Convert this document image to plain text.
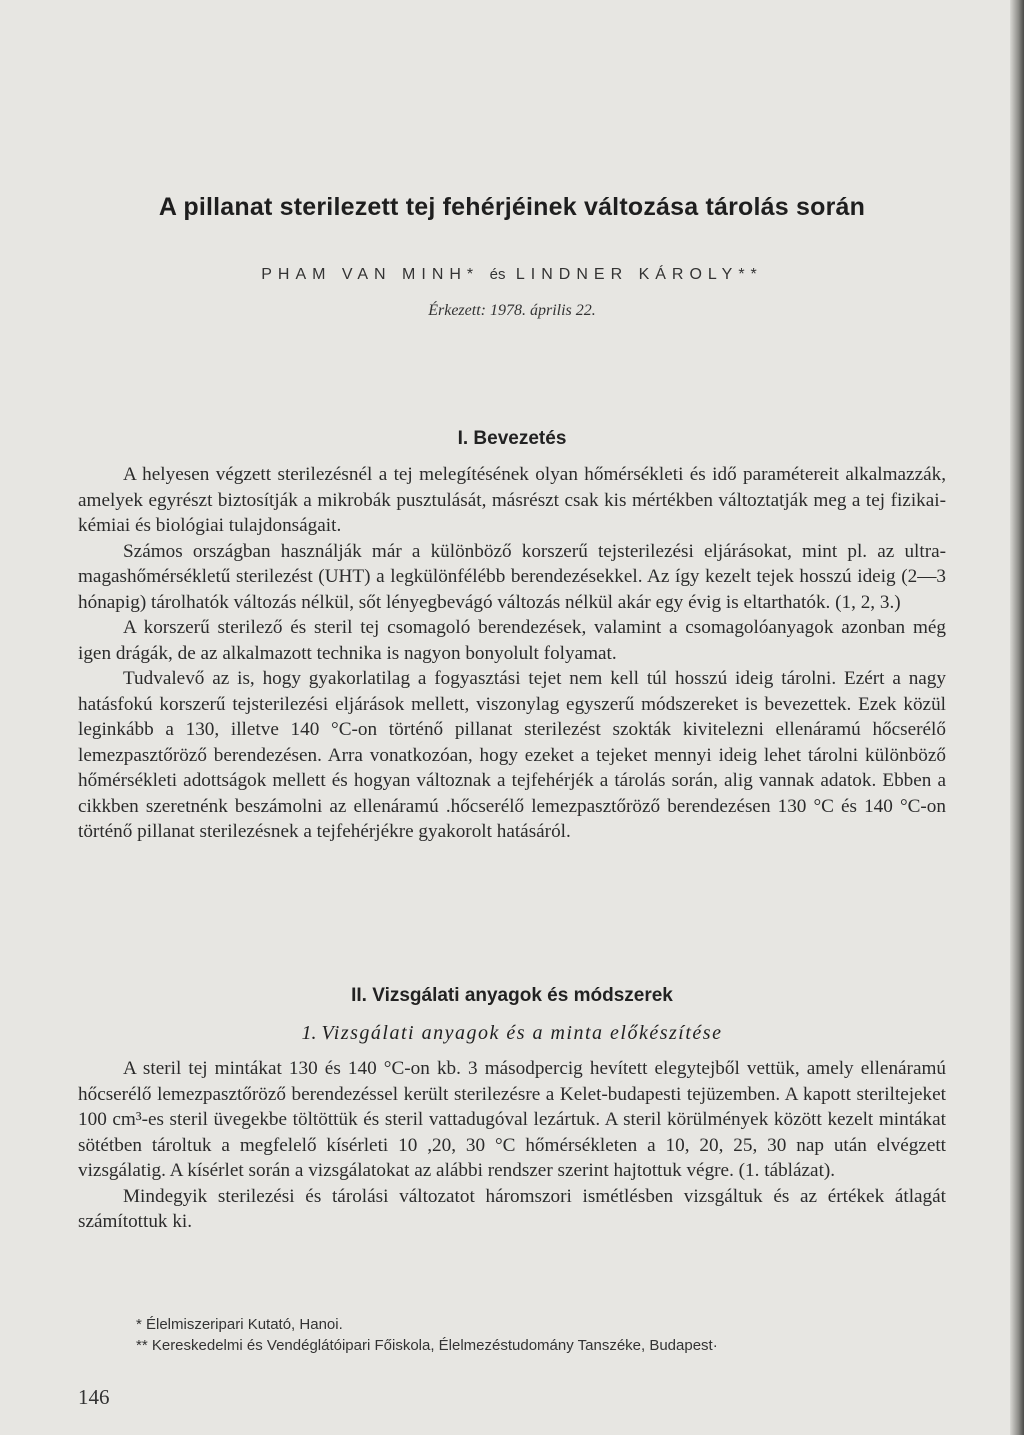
A pillanat sterilezett tej fehérjéinek változása tárolás során
PHAM VAN MINH* és LINDNER KÁROLY**
Érkezett: 1978. április 22.
I. Bevezetés

A helyesen végzett sterilezésnél a tej melegítésének olyan hőmérsékleti és idő paramétereit alkalmazzák, amelyek egyrészt biztosítják a mikrobák pusztulását, másrészt csak kis mértékben változtatják meg a tej fizikai-kémiai és biológiai tulajdonságait.

Számos országban használják már a különböző korszerű tejsterilezési eljárásokat, mint pl. az ultra-magashőmérsékletű sterilezést (UHT) a legkülönfélébb berendezésekkel. Az így kezelt tejek hosszú ideig (2—3 hónapig) tárolhatók változás nélkül, sőt lényegbevágó változás nélkül akár egy évig is eltarthatók. (1, 2, 3.)

A korszerű sterilező és steril tej csomagoló berendezések, valamint a csomagolóanyagok azonban még igen drágák, de az alkalmazott technika is nagyon bonyolult folyamat.

Tudvalevő az is, hogy gyakorlatilag a fogyasztási tejet nem kell túl hosszú ideig tárolni. Ezért a nagy hatásfokú korszerű tejsterilezési eljárások mellett, viszonylag egyszerű módszereket is bevezettek. Ezek közül leginkább a 130, illetve 140 °C-on történő pillanat sterilezést szokták kivitelezni ellenáramú hőcserélő lemezpasztőröző berendezésen. Arra vonatkozóan, hogy ezeket a tejeket mennyi ideig lehet tárolni különböző hőmérsékleti adottságok mellett és hogyan változnak a tejfehérjék a tárolás során, alig vannak adatok. Ebben a cikkben szeretnénk beszámolni az ellenáramú .hőcserélő lemezpasztőröző berendezésen 130 °C és 140 °C-on történő pillanat sterilezésnek a tejfehérjékre gyakorolt hatásáról.

II. Vizsgálati anyagok és módszerek
1. Vizsgálati anyagok és a minta előkészítése

A steril tej mintákat 130 és 140 °C-on kb. 3 másodpercig hevített elegytejből vettük, amely ellenáramú hőcserélő lemezpasztőröző berendezéssel került sterilezésre a Kelet-budapesti tejüzemben. A kapott steriltejeket 100 cm³-es steril üvegekbe töltöttük és steril vattadugóval lezártuk. A steril körülmények között kezelt mintákat sötétben tároltuk a megfelelő kísérleti 10 ,20, 30 °C hőmérsékleten a 10, 20, 25, 30 nap után elvégzett vizsgálatig. A kísérlet során a vizsgálatokat az alábbi rendszer szerint hajtottuk végre. (1. táblázat).

Mindegyik sterilezési és tárolási változatot háromszori ismétlésben vizsgáltuk és az értékek átlagát számítottuk ki.

* Élelmiszeripari Kutató, Hanoi.
** Kereskedelmi és Vendéglátóipari Főiskola, Élelmezéstudomány Tanszéke, Budapest·
146
